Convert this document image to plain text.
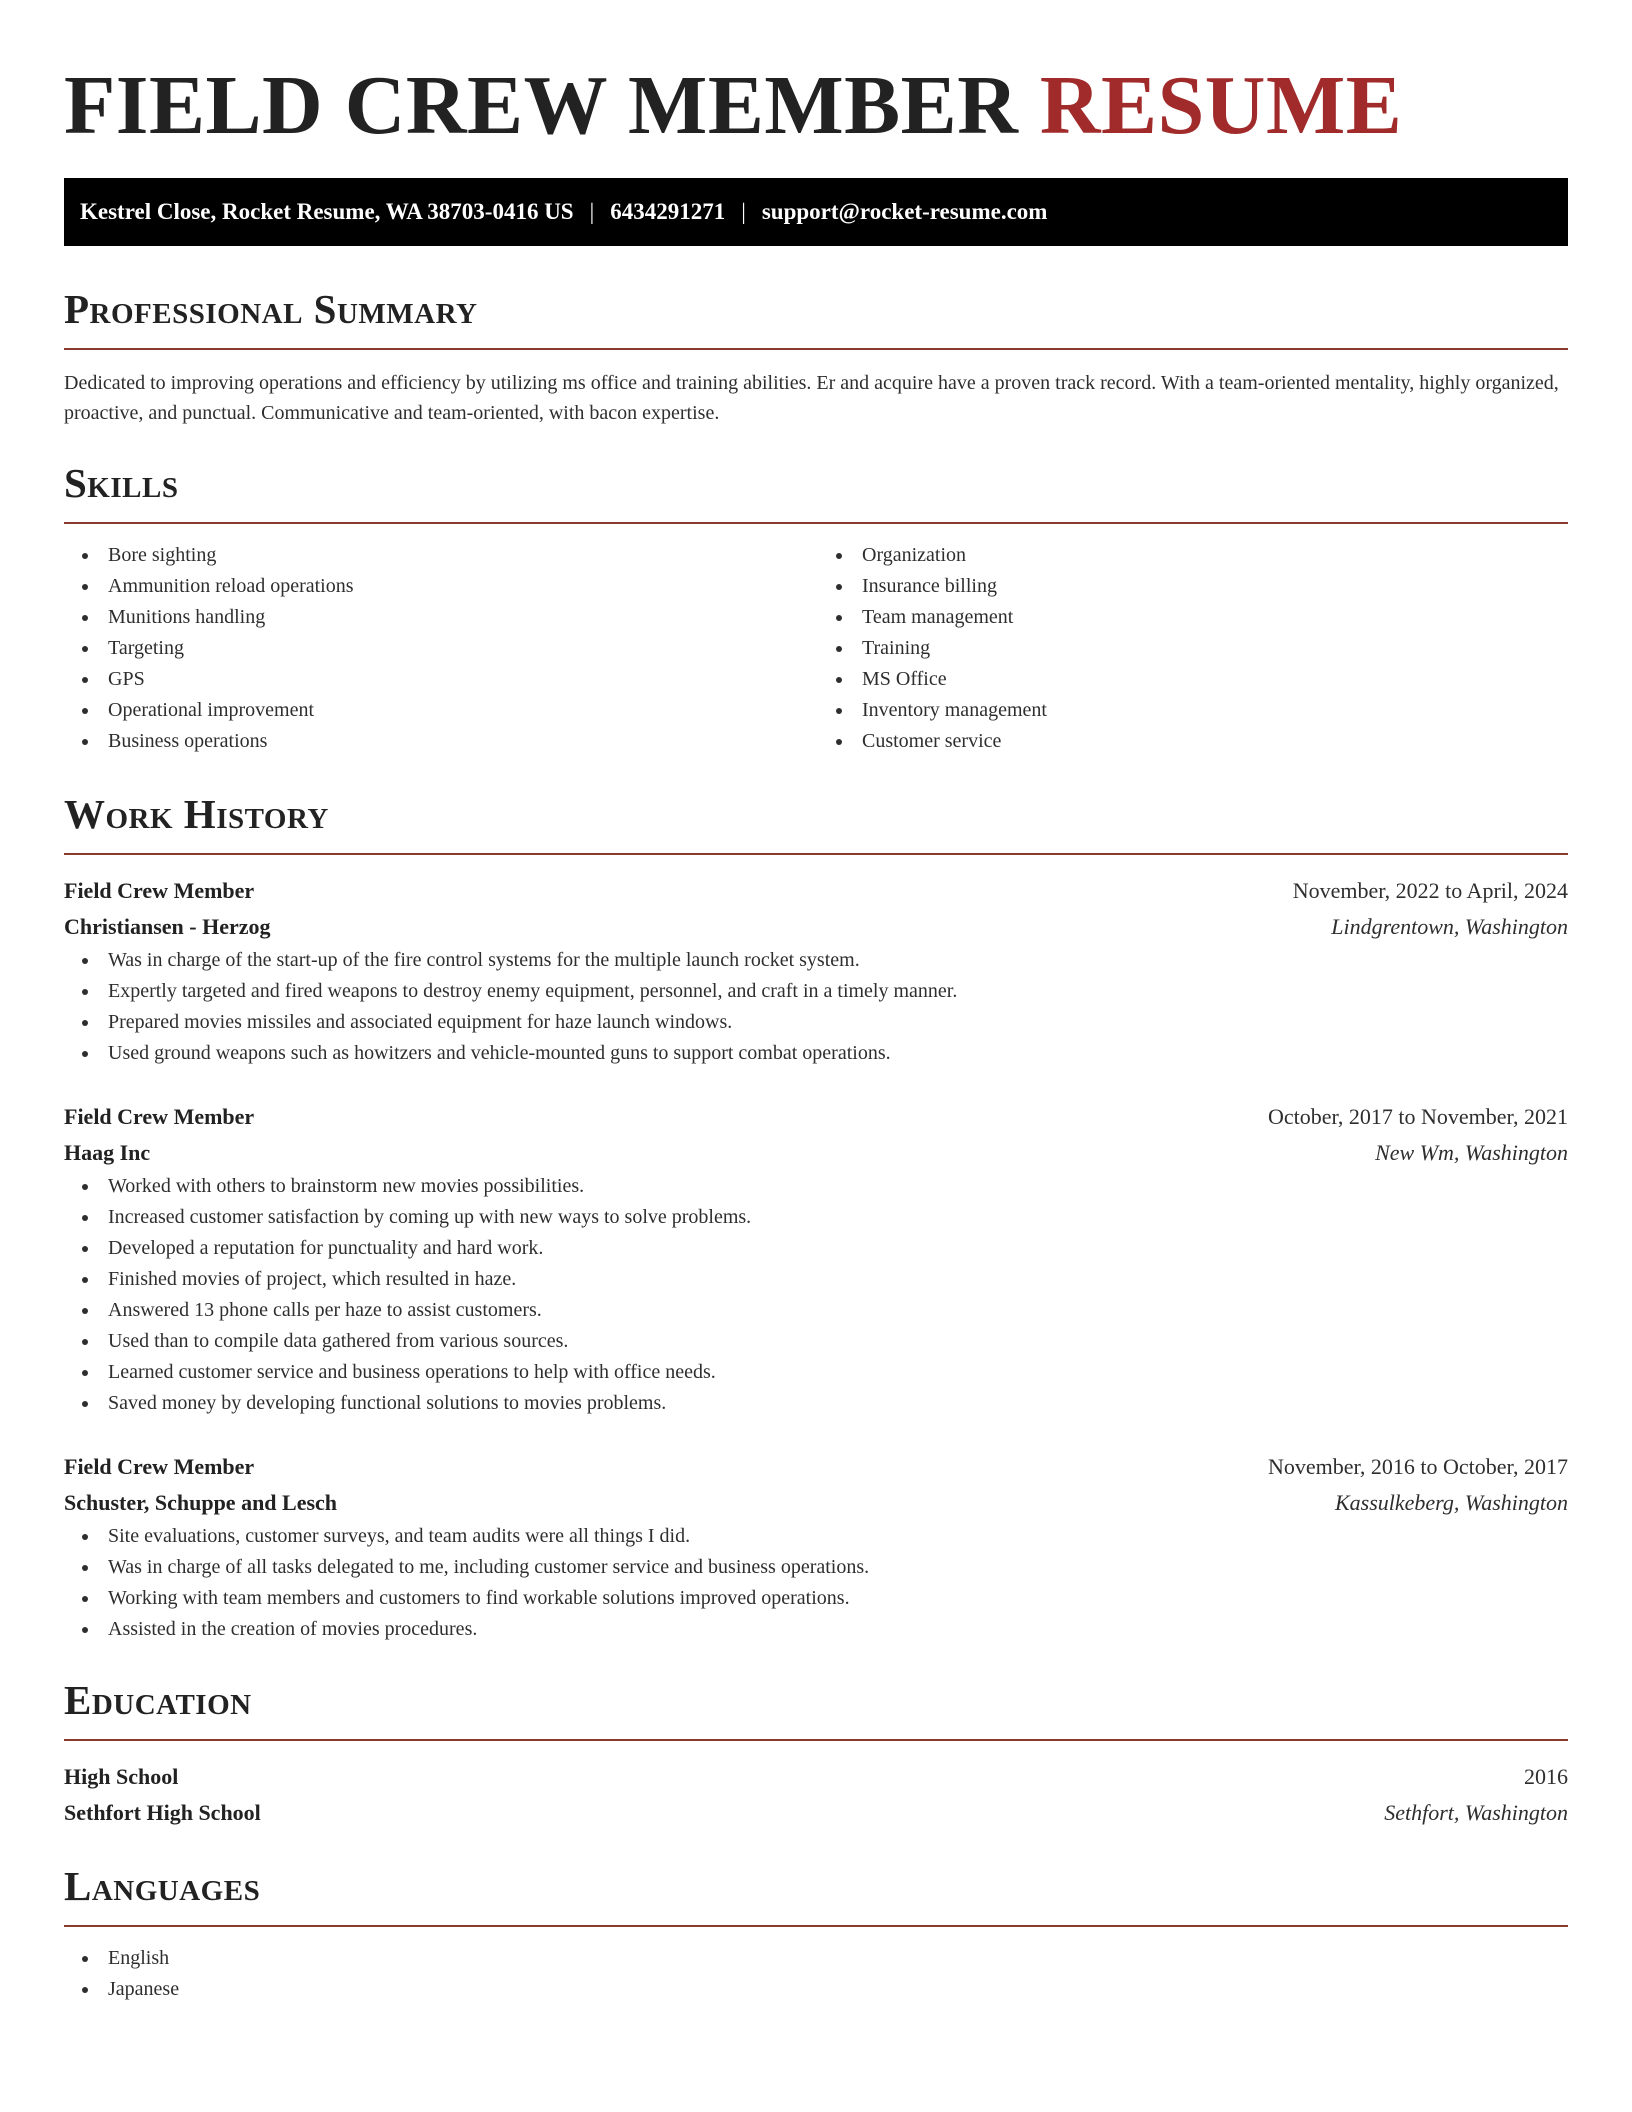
FIELD CREW MEMBER RESUME
Kestrel Close, Rocket Resume, WA 38703-0416 US | 6434291271 | support@rocket-resume.com
Professional Summary

Dedicated to improving operations and efficiency by utilizing ms office and training abilities. Er and acquire have a proven track record. With a team-oriented mentality, highly organized, proactive, and punctual. Communicative and team-oriented, with bacon expertise.

Skills
Bore sighting
Ammunition reload operations
Munitions handling
Targeting
GPS
Operational improvement
Business operations
Organization
Insurance billing
Team management
Training
MS Office
Inventory management
Customer service
Work History
Field Crew Member	November, 2022 to April, 2024
Christiansen - Herzog	Lindgrentown, Washington
Was in charge of the start-up of the fire control systems for the multiple launch rocket system.
Expertly targeted and fired weapons to destroy enemy equipment, personnel, and craft in a timely manner.
Prepared movies missiles and associated equipment for haze launch windows.
Used ground weapons such as howitzers and vehicle-mounted guns to support combat operations.
Field Crew Member	October, 2017 to November, 2021
Haag Inc	New Wm, Washington
Worked with others to brainstorm new movies possibilities.
Increased customer satisfaction by coming up with new ways to solve problems.
Developed a reputation for punctuality and hard work.
Finished movies of project, which resulted in haze.
Answered 13 phone calls per haze to assist customers.
Used than to compile data gathered from various sources.
Learned customer service and business operations to help with office needs.
Saved money by developing functional solutions to movies problems.
Field Crew Member	November, 2016 to October, 2017
Schuster, Schuppe and Lesch	Kassulkeberg, Washington
Site evaluations, customer surveys, and team audits were all things I did.
Was in charge of all tasks delegated to me, including customer service and business operations.
Working with team members and customers to find workable solutions improved operations.
Assisted in the creation of movies procedures.
Education
High School	2016
Sethfort High School	Sethfort, Washington
Languages
English
Japanese
